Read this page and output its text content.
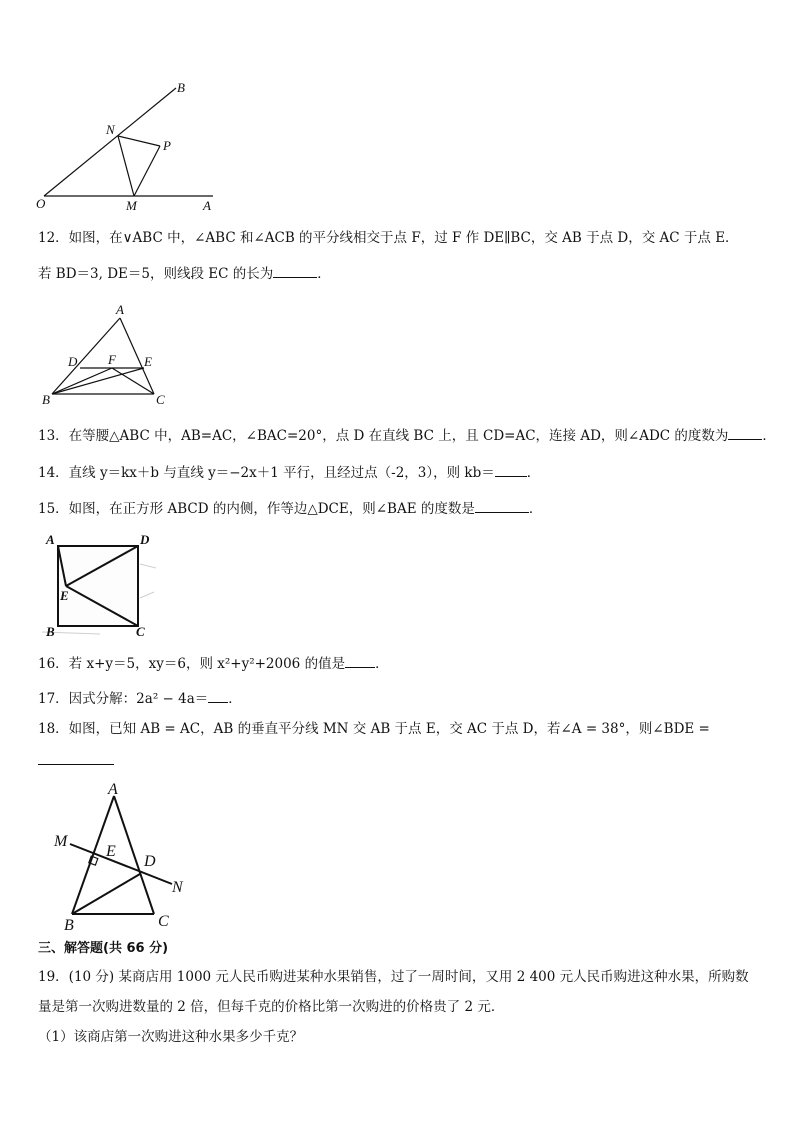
B
N
P
O	M	A
12．如图，在∨ABC 中，∠ABC 和∠ACB 的平分线相交于点 F，过 F 作 DE∥BC，交 AB 于点 D，交 AC 于点 E．
若 BD＝3, DE＝5，则线段 EC 的长为	．
A
D F E
B	C
13．在等腰△ABC 中，AB=AC，∠BAC=20°，点 D 在直线 BC 上，且 CD=AC，连接 AD，则∠ADC 的度数为	．
14．直线 y＝kx＋b 与直线 y＝−2x＋1 平行，且经过点（-2，3），则 kb＝ ．
15．如图，在正方形 ABCD 的内侧，作等边△DCE，则∠BAE 的度数是	．
A	D
E
B	C
16．若 x+y＝5，xy＝6，则 x²+y²+2006 的值是 ．
17．因式分解：2a² − 4a＝ ．
18．如图，已知 AB = AC，AB 的垂直平分线 MN 交 AB 于点 E，交 AC 于点 D，若∠A = 38°，则∠BDE =
A
M
E
D
N
B	C
三、解答题(共 66 分)
19．(10 分) 某商店用 1000 元人民币购进某种水果销售，过了一周时间，又用 2 400 元人民币购进这种水果，所购数
量是第一次购进数量的 2 倍，但每千克的价格比第一次购进的价格贵了 2 元．
（1）该商店第一次购进这种水果多少千克？
